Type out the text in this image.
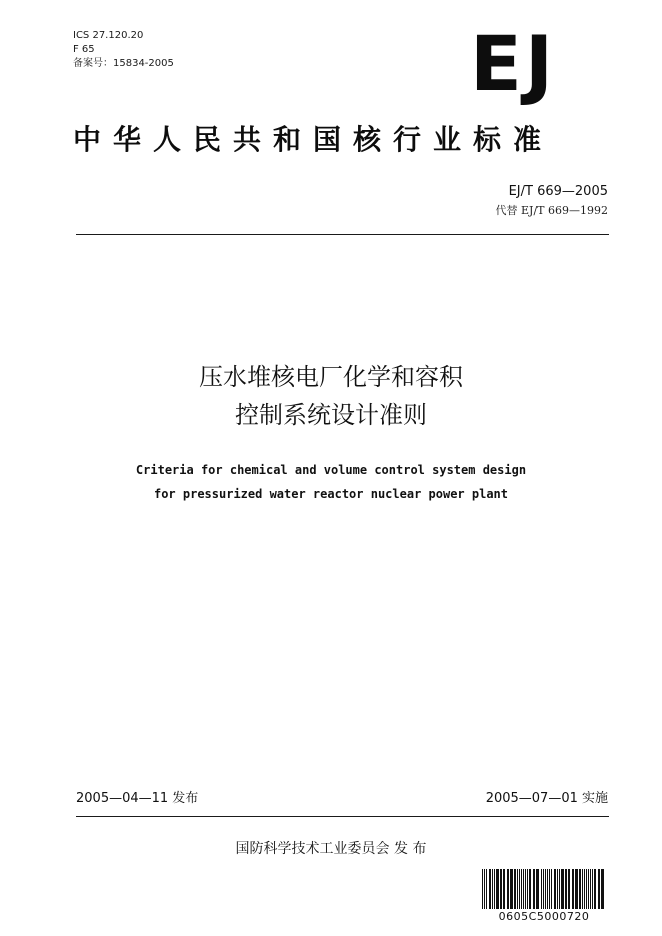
ICS 27.120.20
F 65
备案号：15834-2005	EJ
中华人民共和国核行业标准
EJ/T 669—2005
代替 EJ/T 669—1992
压水堆核电厂化学和容积
控制系统设计准则
Criteria for chemical and volume control system design
for pressurized water reactor nuclear power plant
2005—04—11 发布	2005—07—01 实施
国防科学技术工业委员会 发 布
0605C5000720
